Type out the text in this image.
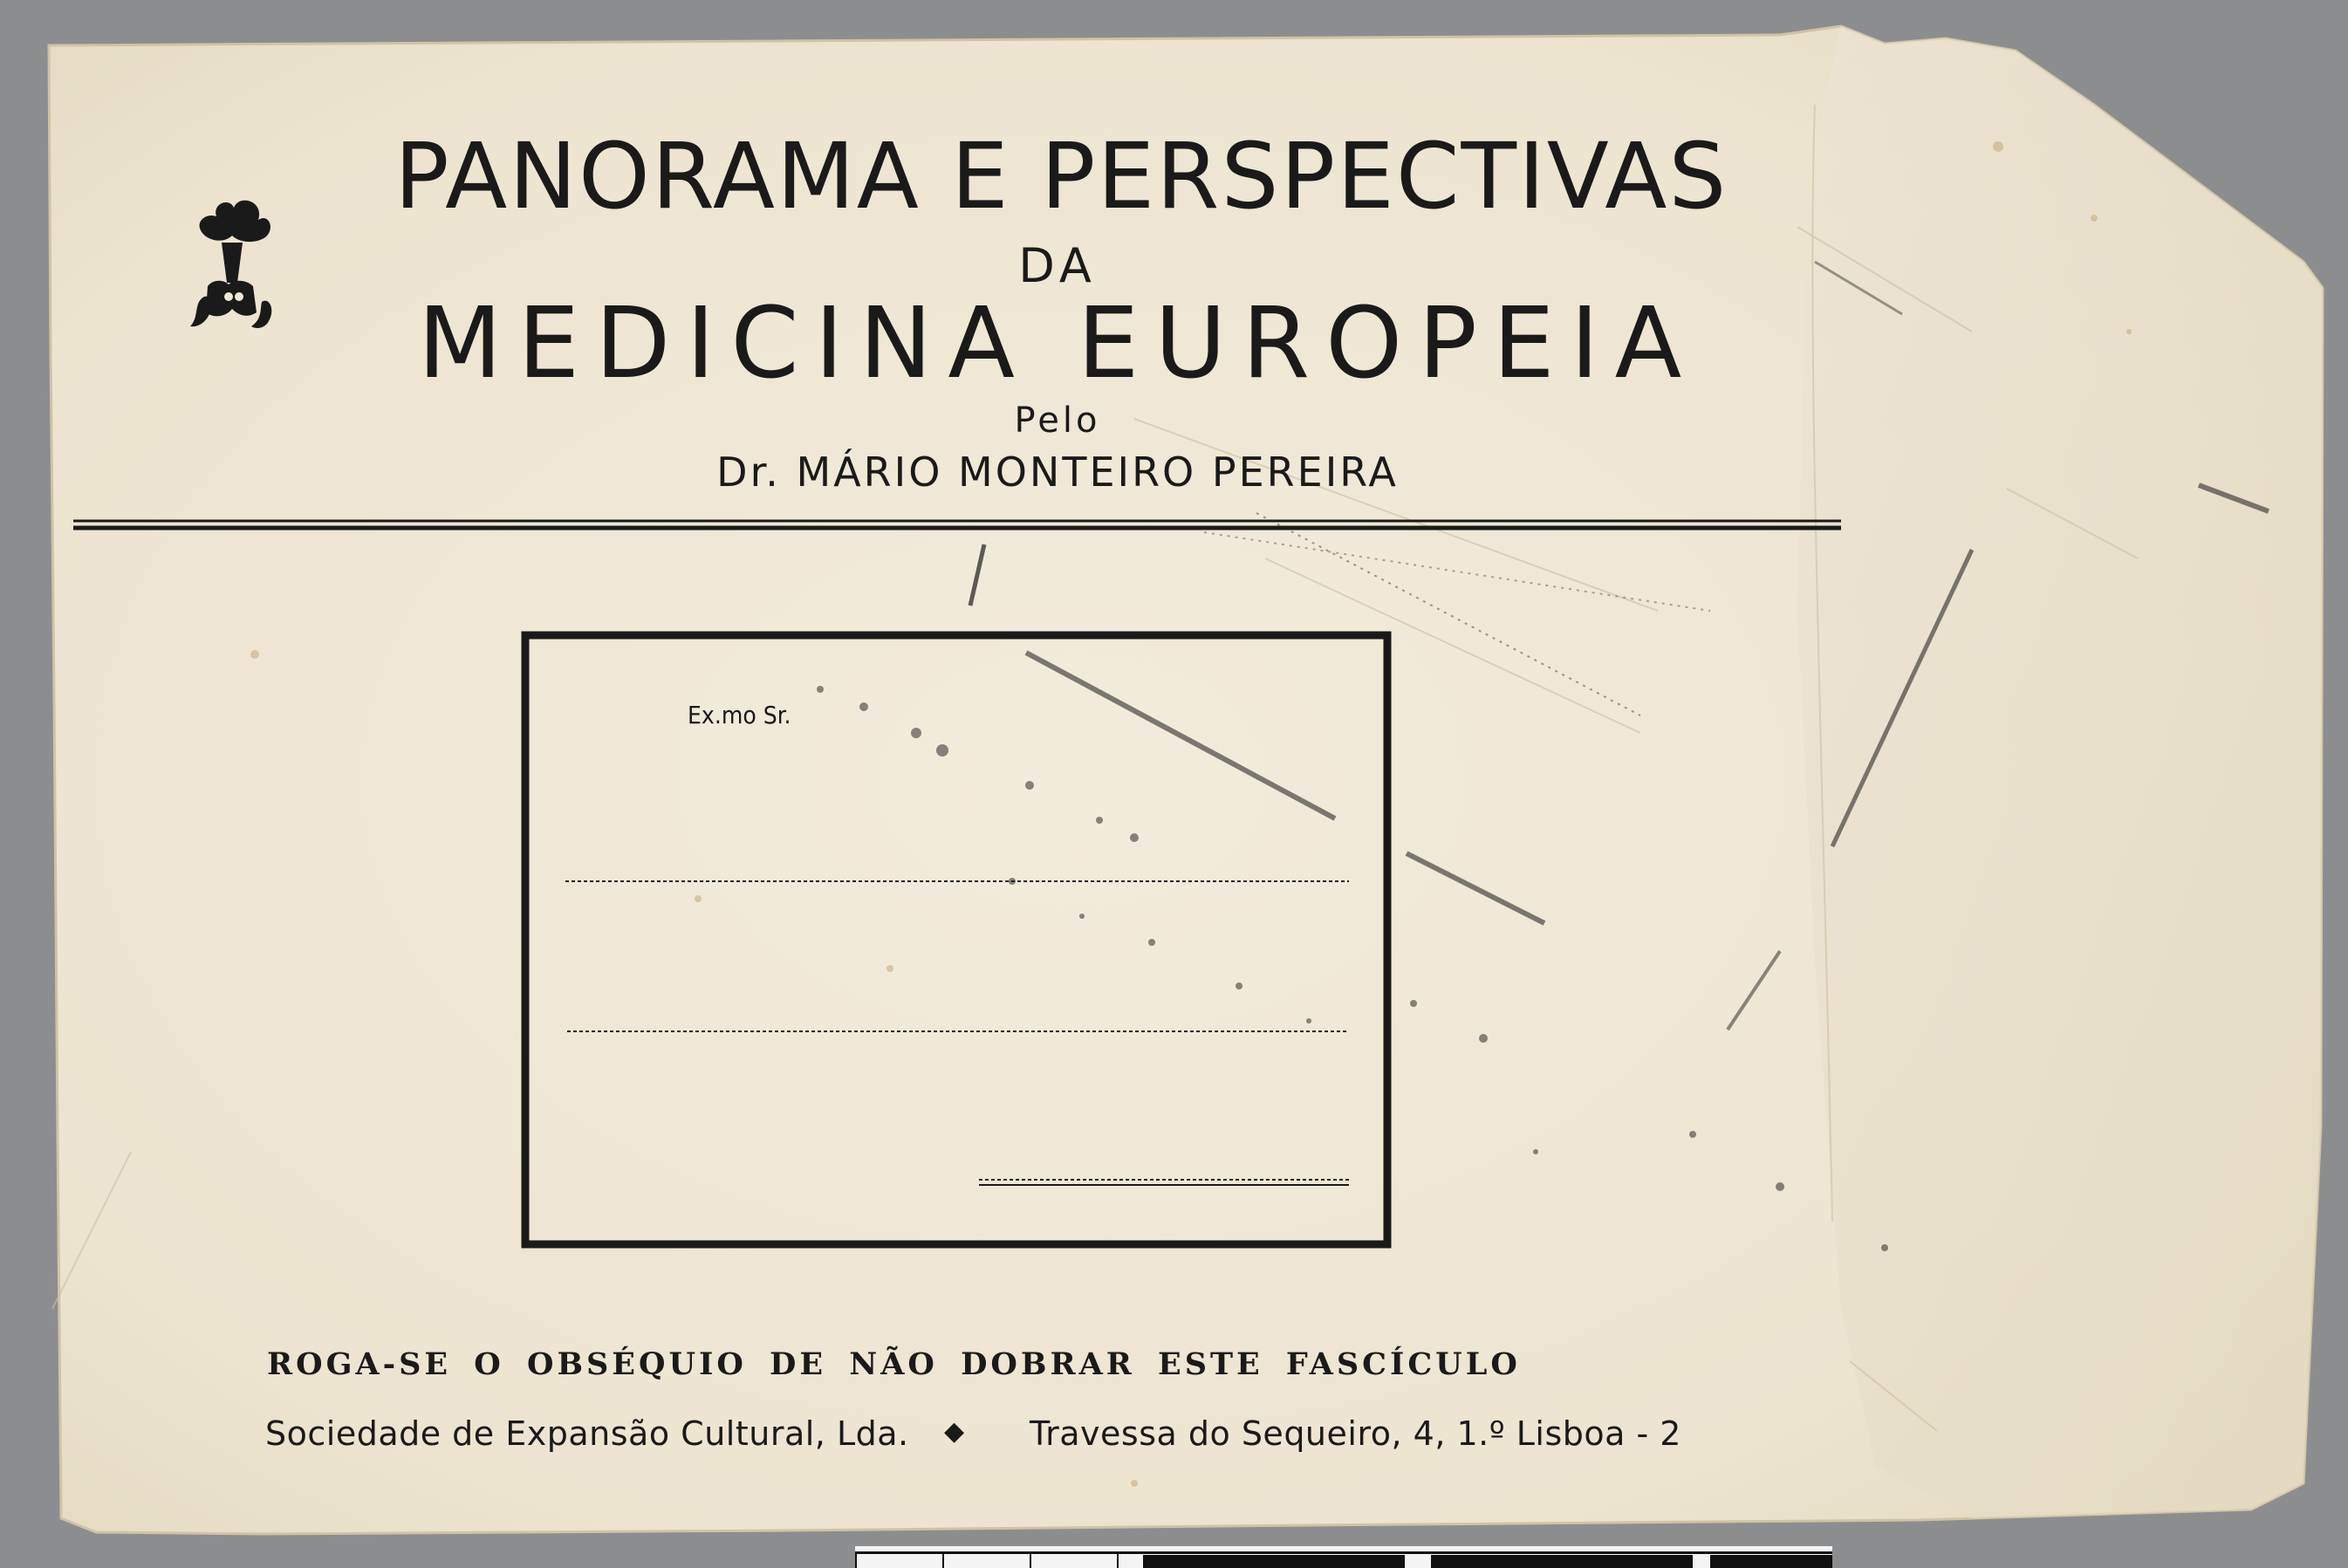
PANORAMA E PERSPECTIVAS
DA
MEDICINA EUROPEIA
Pelo
Dr. MÁRIO MONTEIRO PEREIRA
Ex.mo Sr.
ROGA-SE O OBSÉQUIO DE NÃO DOBRAR ESTE FASCÍCULO
Sociedade de Expansão Cultural, Lda. ◆ Travessa do Sequeiro, 4, 1.º Lisboa - 2
